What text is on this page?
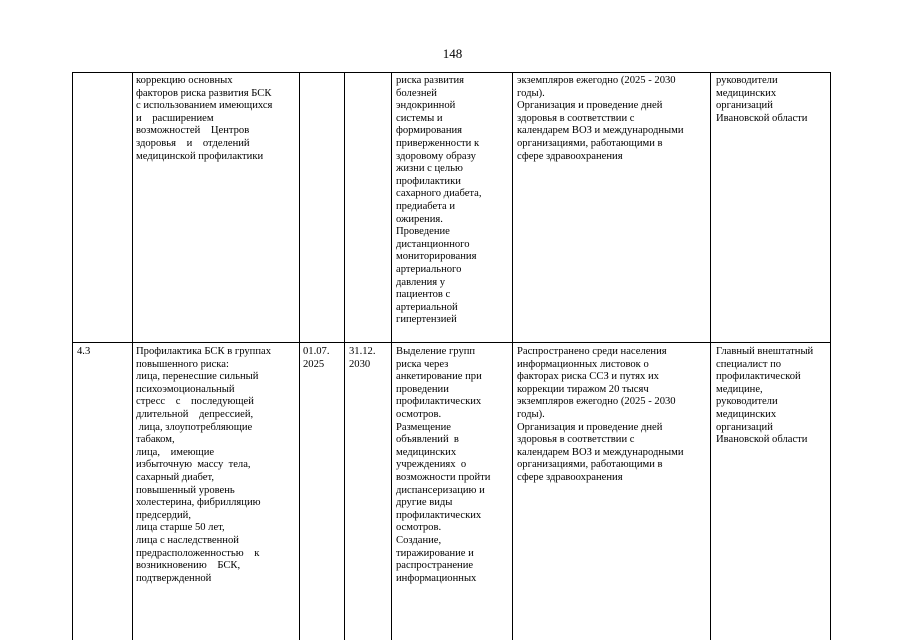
148
коррекцию основных
факторов риска развития БСК
с использованием имеющихся
и    расширением
возможностей    Центров
здоровья    и    отделений
медицинской профилактики
риска развития
болезней
эндокринной
системы и
формирования
приверженности к
здоровому образу
жизни с целью
профилактики
сахарного диабета,
предиабета и
ожирения.
Проведение
дистанционного
мониторирования
артериального
давления у
пациентов с
артериальной
гипертензией
экземпляров ежегодно (2025 - 2030
годы).
Организация и проведение дней
здоровья в соответствии с
календарем ВОЗ и международными
организациями, работающими в
сфере здравоохранения
руководители
медицинских
организаций
Ивановской области
4.3	Профилактика БСК в группах
повышенного риска:
лица, перенесшие сильный
психоэмоциональный
стресс    с    последующей
длительной    депрессией,
лица, злоупотребляющие
табаком,
лица,    имеющие
избыточную  массу  тела,
сахарный диабет,
повышенный уровень
холестерина, фибрилляцию
предсердий,
лица старше 50 лет,
лица с наследственной
предрасположенностью    к
возникновению    БСК,
подтвержденной
01.07.
2025
31.12.
2030
Выделение групп
риска через
анкетирование при
проведении
профилактических
осмотров.
Размещение
объявлений  в
медицинских
учреждениях  о
возможности пройти
диспансеризацию и
другие виды
профилактических
осмотров.
Создание,
тиражирование и
распространение
информационных
Распространено среди населения
информационных листовок о
факторах риска ССЗ и путях их
коррекции тиражом 20 тысяч
экземпляров ежегодно (2025 - 2030
годы).
Организация и проведение дней
здоровья в соответствии с
календарем ВОЗ и международными
организациями, работающими в
сфере здравоохранения
Главный внештатный
специалист по
профилактической
медицине,
руководители
медицинских
организаций
Ивановской области
